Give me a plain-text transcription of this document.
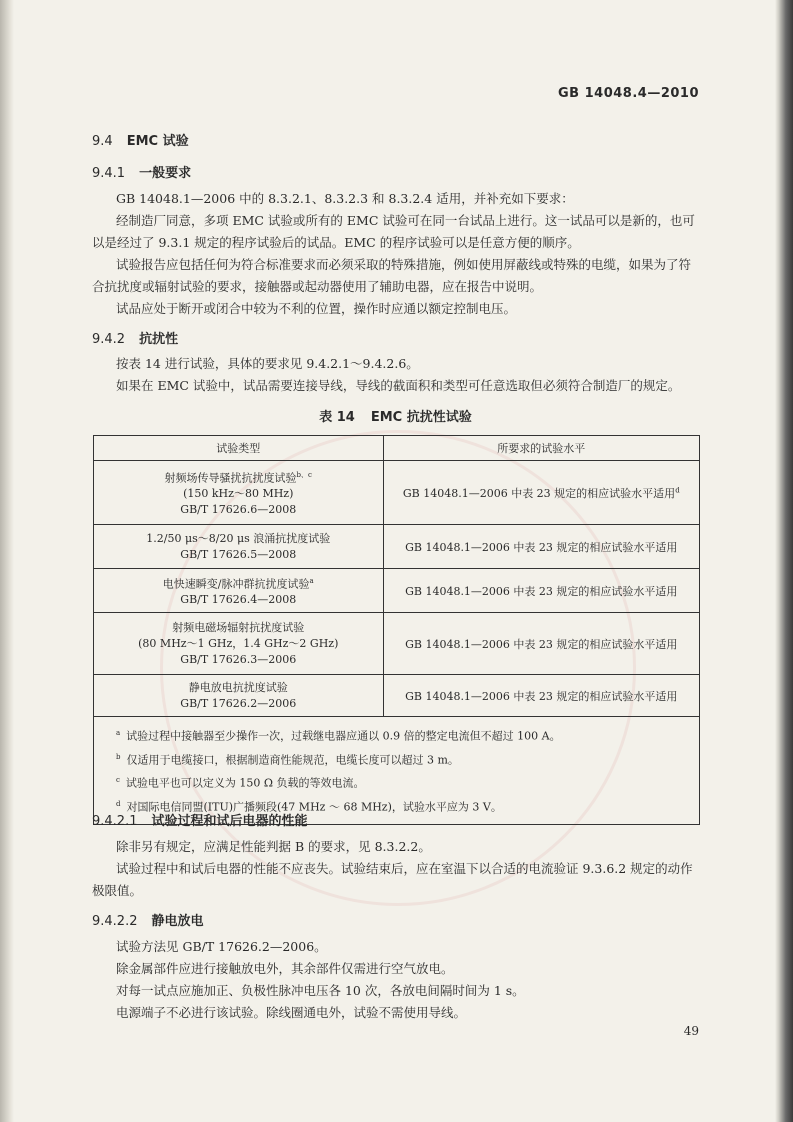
GB 14048.4—2010
9.4 EMC 试验
9.4.1 一般要求
GB 14048.1—2006 中的 8.3.2.1、8.3.2.3 和 8.3.2.4 适用，并补充如下要求：
经制造厂同意，多项 EMC 试验或所有的 EMC 试验可在同一台试品上进行。这一试品可以是新的，也可以是经过了 9.3.1 规定的程序试验后的试品。EMC 的程序试验可以是任意方便的顺序。
试验报告应包括任何为符合标准要求而必须采取的特殊措施，例如使用屏蔽线或特殊的电缆，如果为了符合抗扰度或辐射试验的要求，接触器或起动器使用了辅助电器，应在报告中说明。
试品应处于断开或闭合中较为不利的位置，操作时应通以额定控制电压。
9.4.2 抗扰性
按表 14 进行试验，具体的要求见 9.4.2.1～9.4.2.6。
如果在 EMC 试验中，试品需要连接导线，导线的截面积和类型可任意选取但必须符合制造厂的规定。
表 14 EMC 抗扰性试验
试验类型	所要求的试验水平
射频场传导骚扰抗扰度试验$^{b、c}$
(150 kHz～80 MHz)
GB/T 17626.6—2008	GB 14048.1—2006 中表 23 规定的相应试验水平适用$^d$
1.2/50 μs～8/20 μs 浪涌抗扰度试验
GB/T 17626.5—2008	GB 14048.1—2006 中表 23 规定的相应试验水平适用
电快速瞬变/脉冲群抗扰度试验$^a$
GB/T 17626.4—2008	GB 14048.1—2006 中表 23 规定的相应试验水平适用
射频电磁场辐射抗扰度试验
(80 MHz～1 GHz，1.4 GHz～2 GHz)
GB/T 17626.3—2006	GB 14048.1—2006 中表 23 规定的相应试验水平适用
静电放电抗扰度试验
GB/T 17626.2—2006	GB 14048.1—2006 中表 23 规定的相应试验水平适用

$^a$ 试验过程中接触器至少操作一次，过载继电器应通以 0.9 倍的整定电流但不超过 100 A。
$^b$ 仅适用于电缆接口，根据制造商性能规范，电缆长度可以超过 3 m。
$^c$ 试验电平也可以定义为 150 Ω 负载的等效电流。
$^d$ 对国际电信同盟(ITU)广播频段(47 MHz ～ 68 MHz)，试验水平应为 3 V。	
9.4.2.1 试验过程和试后电器的性能
除非另有规定，应满足性能判据 B 的要求，见 8.3.2.2。
试验过程中和试后电器的性能不应丧失。试验结束后，应在室温下以合适的电流验证 9.3.6.2 规定的动作极限值。
9.4.2.2 静电放电
试验方法见 GB/T 17626.2—2006。
除金属部件应进行接触放电外，其余部件仅需进行空气放电。
对每一试点应施加正、负极性脉冲电压各 10 次，各放电间隔时间为 1 s。
电源端子不必进行该试验。除线圈通电外，试验不需使用导线。
49
